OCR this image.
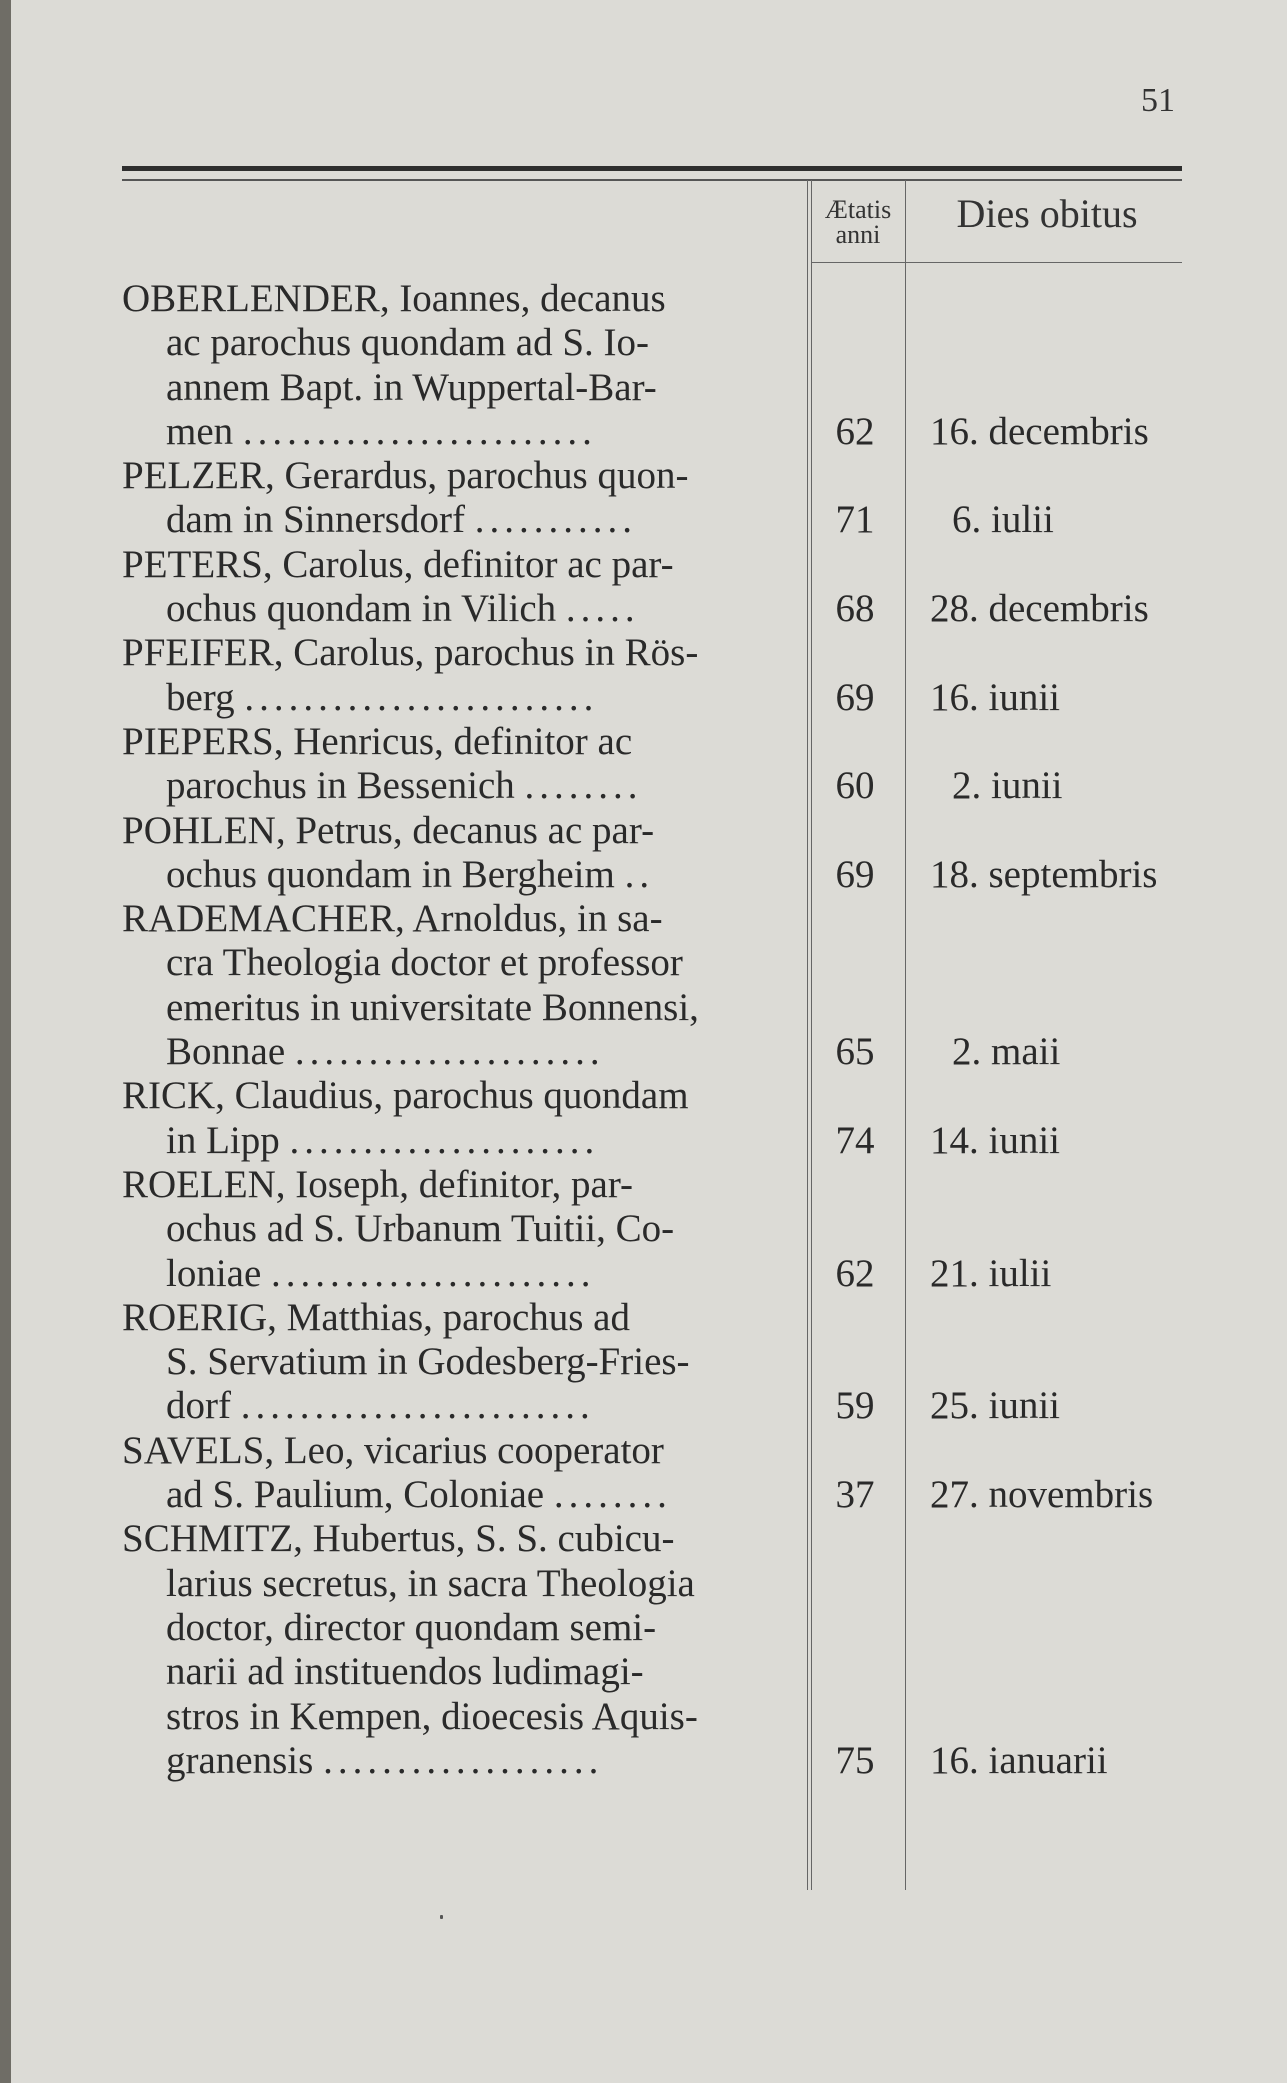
51
Ætatis
anni	Dies obitus
OBERLENDER, Ioannes, decanus
ac parochus quondam ad S. Io-
annem Bapt. in Wuppertal-Bar-
men ........................	62	16. decembris
PELZER, Gerardus, parochus quon-
dam in Sinnersdorf ...........	71	6. iulii
PETERS, Carolus, definitor ac par-
ochus quondam in Vilich .....	68	28. decembris
PFEIFER, Carolus, parochus in Rös-
berg ........................	69	16. iunii
PIEPERS, Henricus, definitor ac
parochus in Bessenich ........	60	2. iunii
POHLEN, Petrus, decanus ac par-
ochus quondam in Bergheim ..	69	18. septembris
RADEMACHER, Arnoldus, in sa-
cra Theologia doctor et professor
emeritus in universitate Bonnensi,
Bonnae .....................	65	2. maii
RICK, Claudius, parochus quondam
in Lipp .....................	74	14. iunii
ROELEN, Ioseph, definitor, par-
ochus ad S. Urbanum Tuitii, Co-
loniae ......................	62	21. iulii
ROERIG, Matthias, parochus ad
S. Servatium in Godesberg-Fries-
dorf ........................	59	25. iunii
SAVELS, Leo, vicarius cooperator
ad S. Paulium, Coloniae ........	37	27. novembris
SCHMITZ, Hubertus, S. S. cubicu-
larius secretus, in sacra Theologia
doctor, director quondam semi-
narii ad instituendos ludimagi-
stros in Kempen, dioecesis Aquis-
granensis ...................	75	16. ianuarii
